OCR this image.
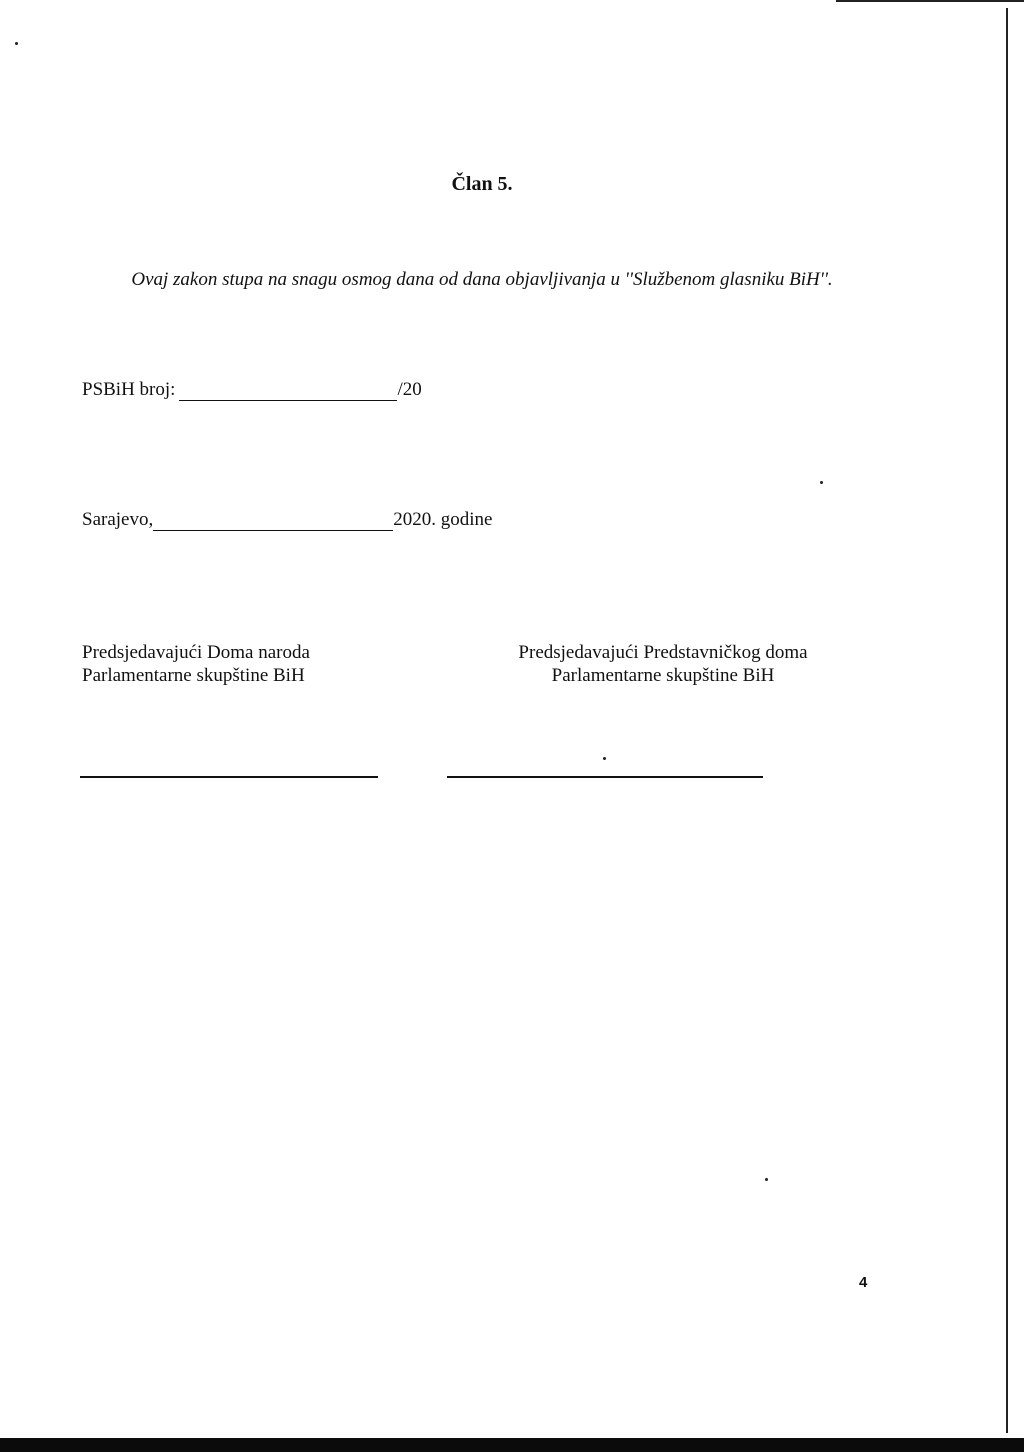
Član 5.
Ovaj zakon stupa na snagu osmog dana od dana objavljivanja u ''Službenom glasniku BiH''.
PSBiH broj:	/20
Sarajevo,	2020. godine
Predsjedavajući Doma naroda
Parlamentarne skupštine BiH
Predsjedavajući Predstavničkog doma
Parlamentarne skupštine BiH
4
